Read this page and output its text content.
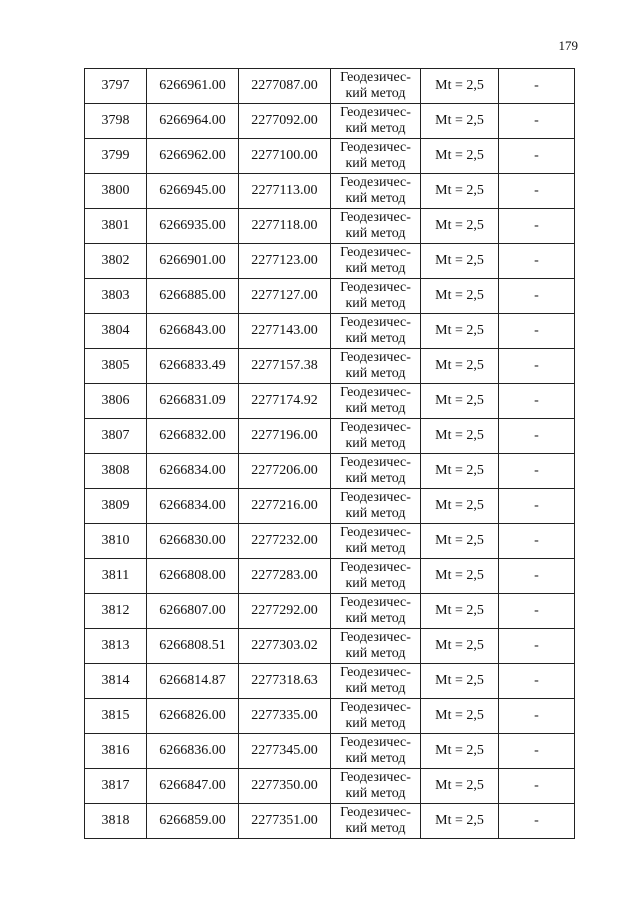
179
3797	6266961.00	2277087.00	Геодезичес-
кий метод	Mt = 2,5	-
3798	6266964.00	2277092.00	Геодезичес-
кий метод	Mt = 2,5	-
3799	6266962.00	2277100.00	Геодезичес-
кий метод	Mt = 2,5	-
3800	6266945.00	2277113.00	Геодезичес-
кий метод	Mt = 2,5	-
3801	6266935.00	2277118.00	Геодезичес-
кий метод	Mt = 2,5	-
3802	6266901.00	2277123.00	Геодезичес-
кий метод	Mt = 2,5	-
3803	6266885.00	2277127.00	Геодезичес-
кий метод	Mt = 2,5	-
3804	6266843.00	2277143.00	Геодезичес-
кий метод	Mt = 2,5	-
3805	6266833.49	2277157.38	Геодезичес-
кий метод	Mt = 2,5	-
3806	6266831.09	2277174.92	Геодезичес-
кий метод	Mt = 2,5	-
3807	6266832.00	2277196.00	Геодезичес-
кий метод	Mt = 2,5	-
3808	6266834.00	2277206.00	Геодезичес-
кий метод	Mt = 2,5	-
3809	6266834.00	2277216.00	Геодезичес-
кий метод	Mt = 2,5	-
3810	6266830.00	2277232.00	Геодезичес-
кий метод	Mt = 2,5	-
3811	6266808.00	2277283.00	Геодезичес-
кий метод	Mt = 2,5	-
3812	6266807.00	2277292.00	Геодезичес-
кий метод	Mt = 2,5	-
3813	6266808.51	2277303.02	Геодезичес-
кий метод	Mt = 2,5	-
3814	6266814.87	2277318.63	Геодезичес-
кий метод	Mt = 2,5	-
3815	6266826.00	2277335.00	Геодезичес-
кий метод	Mt = 2,5	-
3816	6266836.00	2277345.00	Геодезичес-
кий метод	Mt = 2,5	-
3817	6266847.00	2277350.00	Геодезичес-
кий метод	Mt = 2,5	-
3818	6266859.00	2277351.00	Геодезичес-
кий метод	Mt = 2,5	-
